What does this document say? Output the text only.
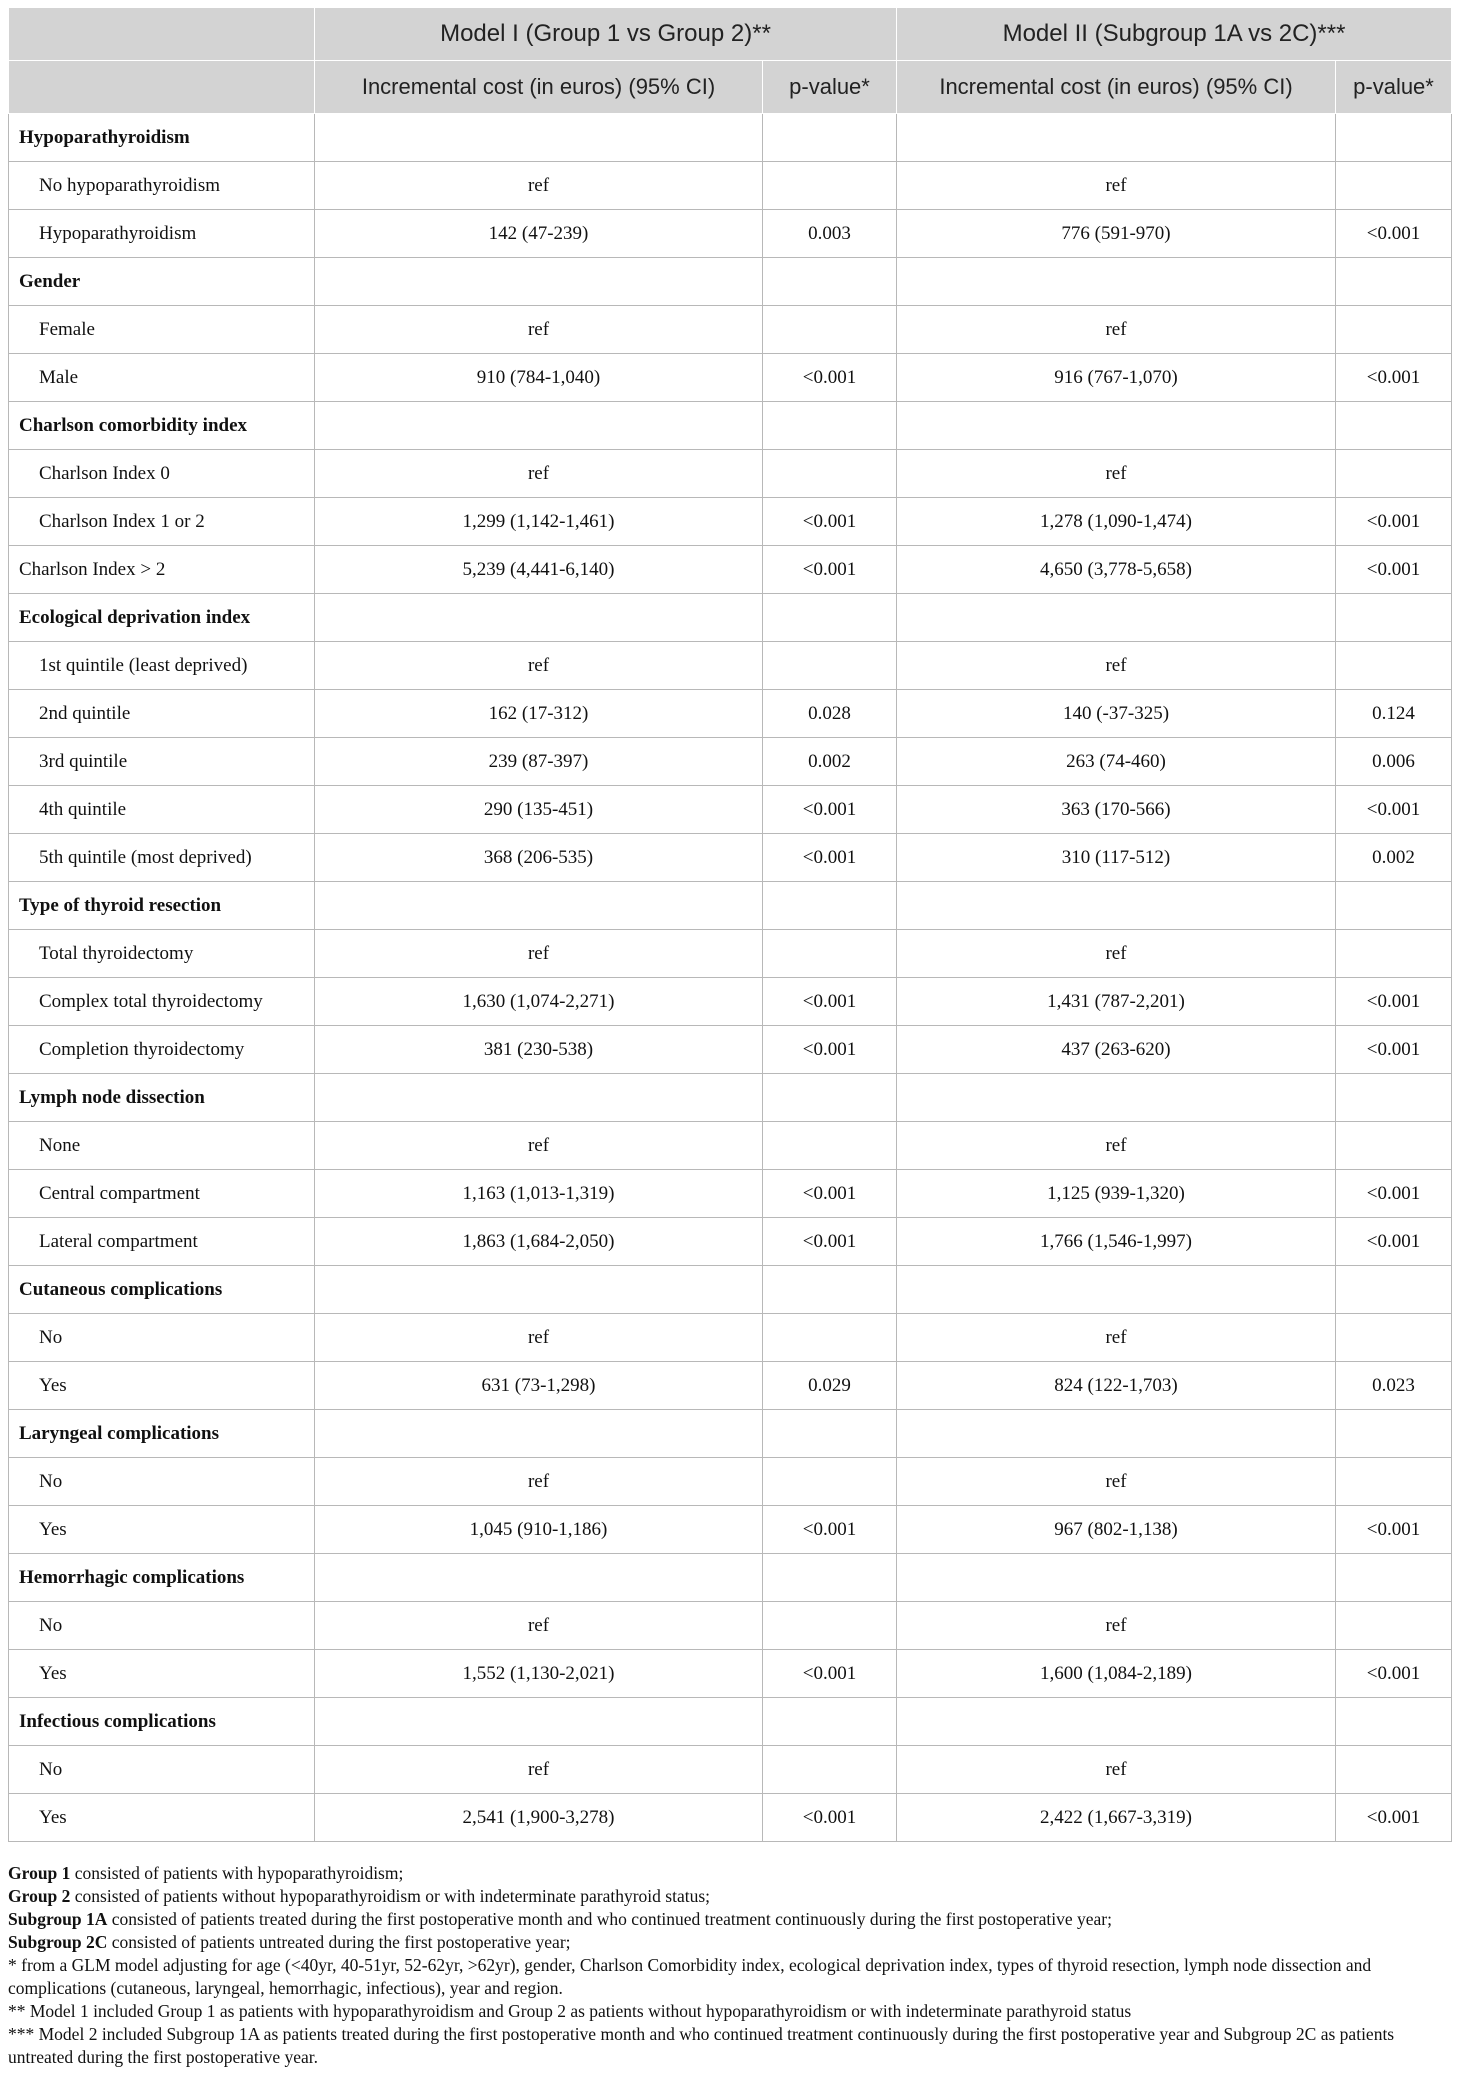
	Model I (Group 1 vs Group 2)**		Model II (Subgroup 1A vs 2C)***	
	Incremental cost (in euros) (95% CI)	p-value*	Incremental cost (in euros) (95% CI)	p-value*
Hypoparathyroidism				
No hypoparathyroidism	ref		ref	
Hypoparathyroidism	142 (47-239)	0.003	776 (591-970)	<0.001
Gender				
Female	ref		ref	
Male	910 (784-1,040)	<0.001	916 (767-1,070)	<0.001
Charlson comorbidity index				
Charlson Index 0	ref		ref	
Charlson Index 1 or 2	1,299 (1,142-1,461)	<0.001	1,278 (1,090-1,474)	<0.001
Charlson Index > 2	5,239 (4,441-6,140)	<0.001	4,650 (3,778-5,658)	<0.001
Ecological deprivation index				
1st quintile (least deprived)	ref		ref	
2nd quintile	162 (17-312)	0.028	140 (-37-325)	0.124
3rd quintile	239 (87-397)	0.002	263 (74-460)	0.006
4th quintile	290 (135-451)	<0.001	363 (170-566)	<0.001
5th quintile (most deprived)	368 (206-535)	<0.001	310 (117-512)	0.002
Type of thyroid resection				
Total thyroidectomy	ref		ref	
Complex total thyroidectomy	1,630 (1,074-2,271)	<0.001	1,431 (787-2,201)	<0.001
Completion thyroidectomy	381 (230-538)	<0.001	437 (263-620)	<0.001
Lymph node dissection				
None	ref		ref	
Central compartment	1,163 (1,013-1,319)	<0.001	1,125 (939-1,320)	<0.001
Lateral compartment	1,863 (1,684-2,050)	<0.001	1,766 (1,546-1,997)	<0.001
Cutaneous complications				
No	ref		ref	
Yes	631 (73-1,298)	0.029	824 (122-1,703)	0.023
Laryngeal complications				
No	ref		ref	
Yes	1,045 (910-1,186)	<0.001	967 (802-1,138)	<0.001
Hemorrhagic complications				
No	ref		ref	
Yes	1,552 (1,130-2,021)	<0.001	1,600 (1,084-2,189)	<0.001
Infectious complications				
No	ref		ref	
Yes	2,541 (1,900-3,278)	<0.001	2,422 (1,667-3,319)	<0.001

Group 1 consisted of patients with hypoparathyroidism;

Group 2 consisted of patients without hypoparathyroidism or with indeterminate parathyroid status;

Subgroup 1A consisted of patients treated during the first postoperative month and who continued treatment continuously during the first postoperative year;

Subgroup 2C consisted of patients untreated during the first postoperative year;

* from a GLM model adjusting for age (<40yr, 40-51yr, 52-62yr, >62yr), gender, Charlson Comorbidity index, ecological deprivation index, types of thyroid resection, lymph node dissection and complications (cutaneous, laryngeal, hemorrhagic, infectious), year and region.

** Model 1 included Group 1 as patients with hypoparathyroidism and Group 2 as patients without hypoparathyroidism or with indeterminate parathyroid status

*** Model 2 included Subgroup 1A as patients treated during the first postoperative month and who continued treatment continuously during the first postoperative year and Subgroup 2C as patients untreated during the first postoperative year.
